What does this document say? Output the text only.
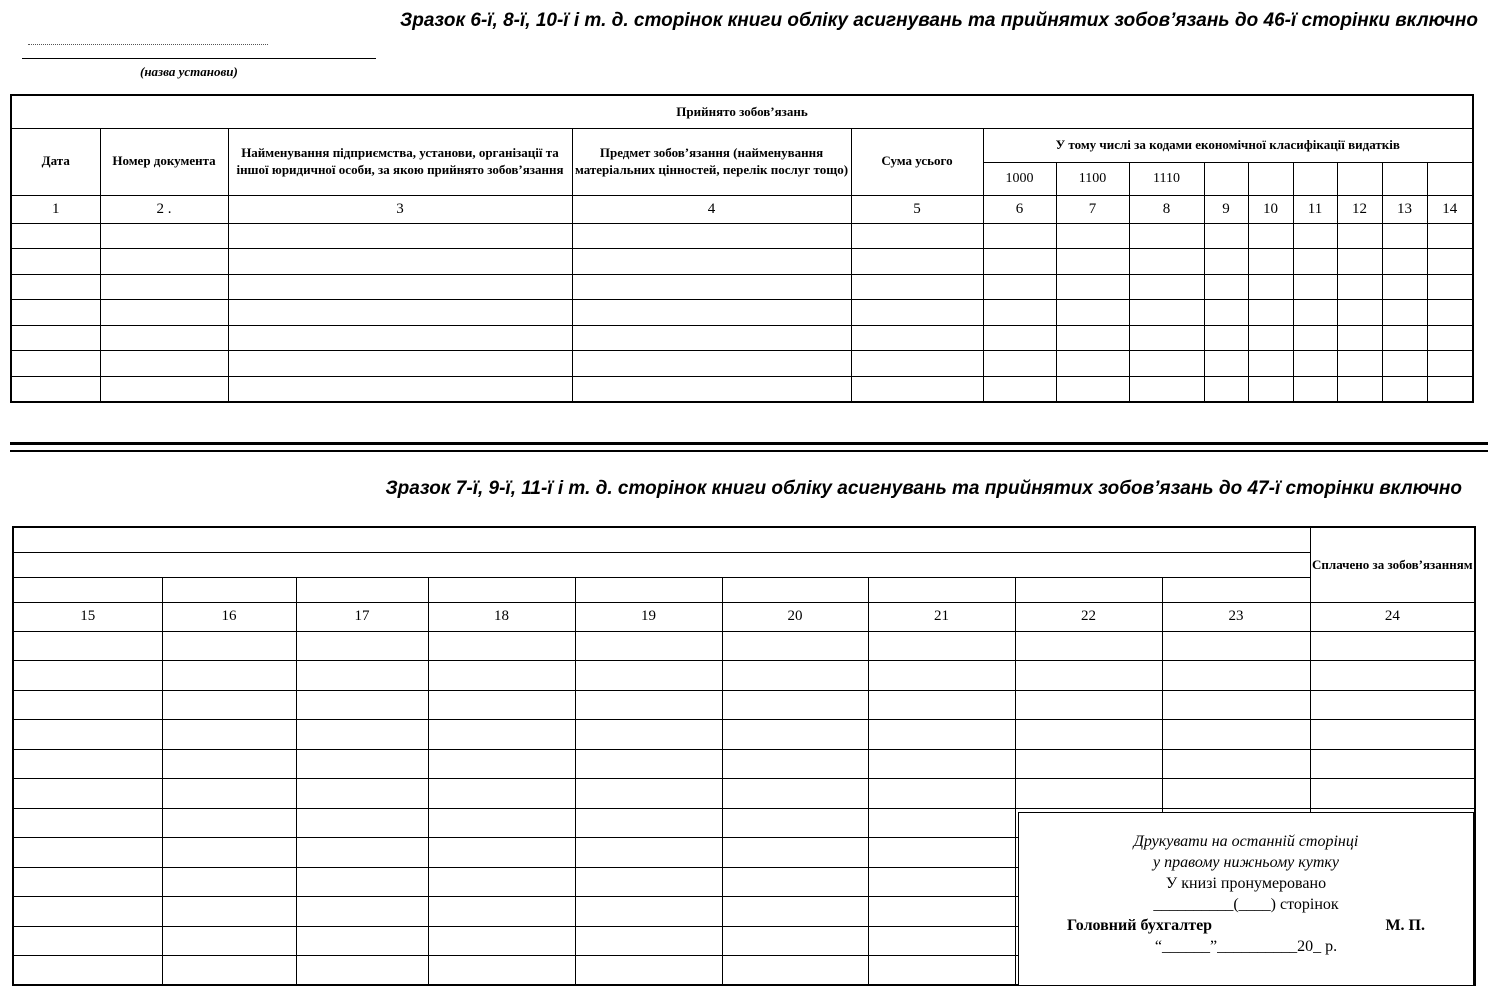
Зразок 6-ї, 8-ї, 10-ї і т. д. сторінок книги обліку асигнувань та прийнятих зобов’язань до 46-ї сторінки включно
(назва установи)
Прийнято зобов’язань													
Дата	Номер документа	Найменування підприємства, установи, організації та іншої юридичної особи, за якою прийнято зобов’язання	Предмет зобов’язання (найменування матеріальних цінностей, перелік послуг тощо)	Сума усього	У тому числі за кодами економічної класифікації видатків								
					1000	1100	1110						
1	2 .	3	4	5	6	7	8	9	10	11	12	13	14

Зразок 7-ї, 9-ї, 11-ї і т. д. сторінок книги обліку асигнувань та прийнятих зобов’язань до 47-ї сторінки включно
									Сплачено за зобов’язанням

15	16	17	18	19	20	21	22	23	24

Друкувати на останній сторінці
у правому нижньому кутку
У книзі пронумеровано
__________(____) сторінок
Головний бухгалтер	М. П.
“______”__________20_ р.
